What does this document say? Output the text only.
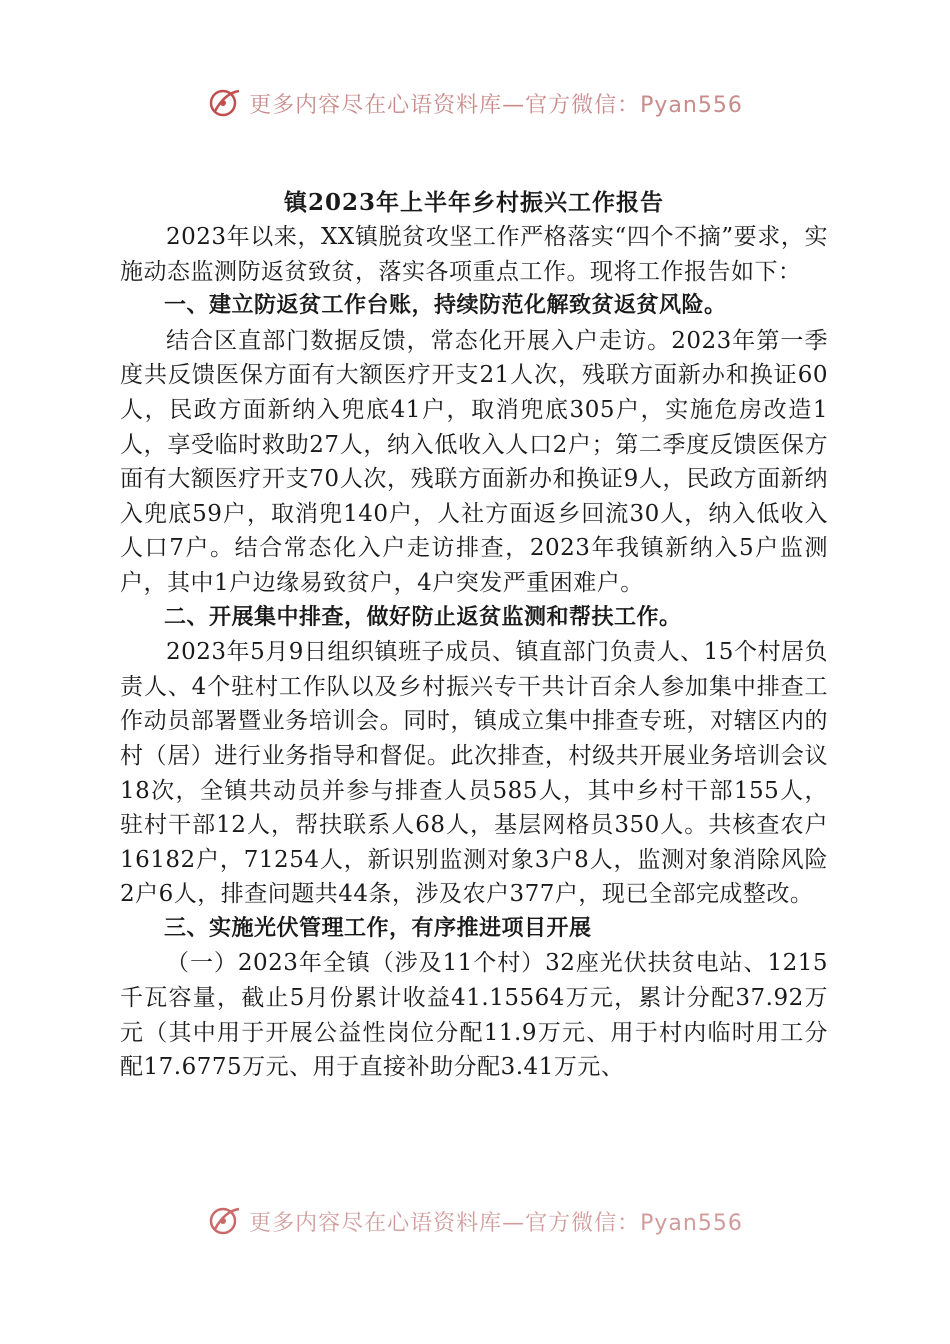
更多内容尽在心语资料库—官方微信：Pyan556
镇2023年上半年乡村振兴工作报告

2023年以来，XX镇脱贫攻坚工作严格落实“四个不摘”要求，实施动态监测防返贫致贫，落实各项重点工作。现将工作报告如下：

一、建立防返贫工作台账，持续防范化解致贫返贫风险。

结合区直部门数据反馈，常态化开展入户走访。2023年第一季度共反馈医保方面有大额医疗开支21人次，残联方面新办和换证60人，民政方面新纳入兜底41户，取消兜底305户，实施危房改造1人，享受临时救助27人，纳入低收入人口2户；第二季度反馈医保方面有大额医疗开支70人次，残联方面新办和换证9人，民政方面新纳入兜底59户，取消兜140户，人社方面返乡回流30人，纳入低收入人口7户。结合常态化入户走访排查，2023年我镇新纳入5户监测户，其中1户边缘易致贫户，4户突发严重困难户。

二、开展集中排查，做好防止返贫监测和帮扶工作。

2023年5月9日组织镇班子成员、镇直部门负责人、15个村居负责人、4个驻村工作队以及乡村振兴专干共计百余人参加集中排查工作动员部署暨业务培训会。同时，镇成立集中排查专班，对辖区内的村（居）进行业务指导和督促。此次排查，村级共开展业务培训会议18次，全镇共动员并参与排查人员585人，其中乡村干部155人，驻村干部12人，帮扶联系人68人，基层网格员350人。共核查农户16182户，71254人，新识别监测对象3户8人，监测对象消除风险2户6人，排查问题共44条，涉及农户377户，现已全部完成整改。

三、实施光伏管理工作，有序推进项目开展

（一）2023年全镇（涉及11个村）32座光伏扶贫电站、1215千瓦容量，截止5月份累计收益41.15564万元，累计分配37.92万元（其中用于开展公益性岗位分配11.9万元、用于村内临时用工分配17.6775万元、用于直接补助分配3.41万元、

更多内容尽在心语资料库—官方微信：Pyan556
